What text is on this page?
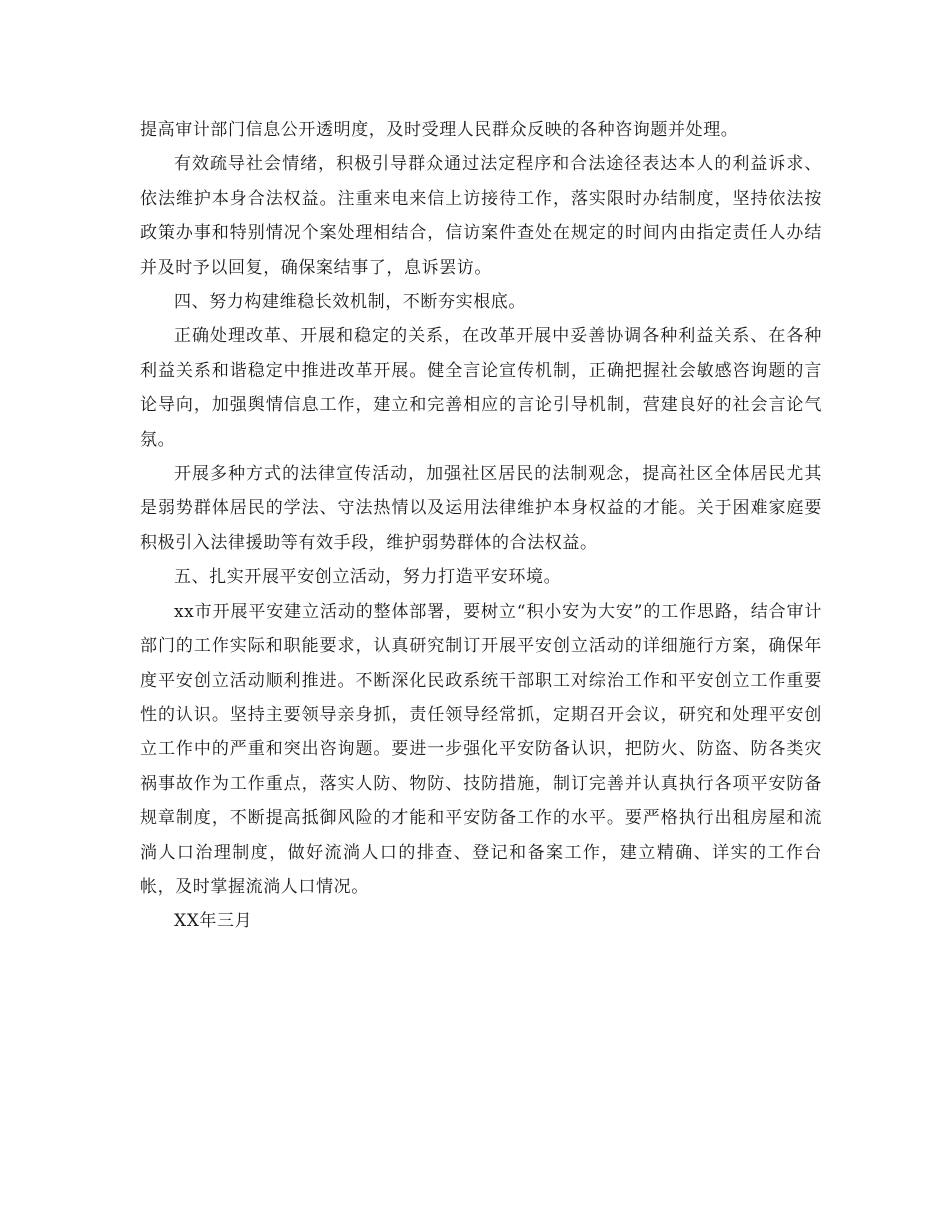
提高审计部门信息公开透明度，及时受理人民群众反映的各种咨询题并处理。

有效疏导社会情绪，积极引导群众通过法定程序和合法途径表达本人的利益诉求、依法维护本身合法权益。注重来电来信上访接待工作，落实限时办结制度，坚持依法按政策办事和特别情况个案处理相结合，信访案件查处在规定的时间内由指定责任人办结并及时予以回复，确保案结事了，息诉罢访。

四、努力构建维稳长效机制，不断夯实根底。

正确处理改革、开展和稳定的关系，在改革开展中妥善协调各种利益关系、在各种利益关系和谐稳定中推进改革开展。健全言论宣传机制，正确把握社会敏感咨询题的言论导向，加强舆情信息工作，建立和完善相应的言论引导机制，营建良好的社会言论气氛。

开展多种方式的法律宣传活动，加强社区居民的法制观念，提高社区全体居民尤其是弱势群体居民的学法、守法热情以及运用法律维护本身权益的才能。关于困难家庭要积极引入法律援助等有效手段，维护弱势群体的合法权益。

五、扎实开展平安创立活动，努力打造平安环境。

xx市开展平安建立活动的整体部署，要树立“积小安为大安”的工作思路，结合审计部门的工作实际和职能要求，认真研究制订开展平安创立活动的详细施行方案，确保年度平安创立活动顺利推进。不断深化民政系统干部职工对综治工作和平安创立工作重要性的认识。坚持主要领导亲身抓，责任领导经常抓，定期召开会议，研究和处理平安创立工作中的严重和突出咨询题。要进一步强化平安防备认识，把防火、防盗、防各类灾祸事故作为工作重点，落实人防、物防、技防措施，制订完善并认真执行各项平安防备规章制度，不断提高抵御风险的才能和平安防备工作的水平。要严格执行出租房屋和流淌人口治理制度，做好流淌人口的排查、登记和备案工作，建立精确、详实的工作台帐，及时掌握流淌人口情况。

XX年三月
